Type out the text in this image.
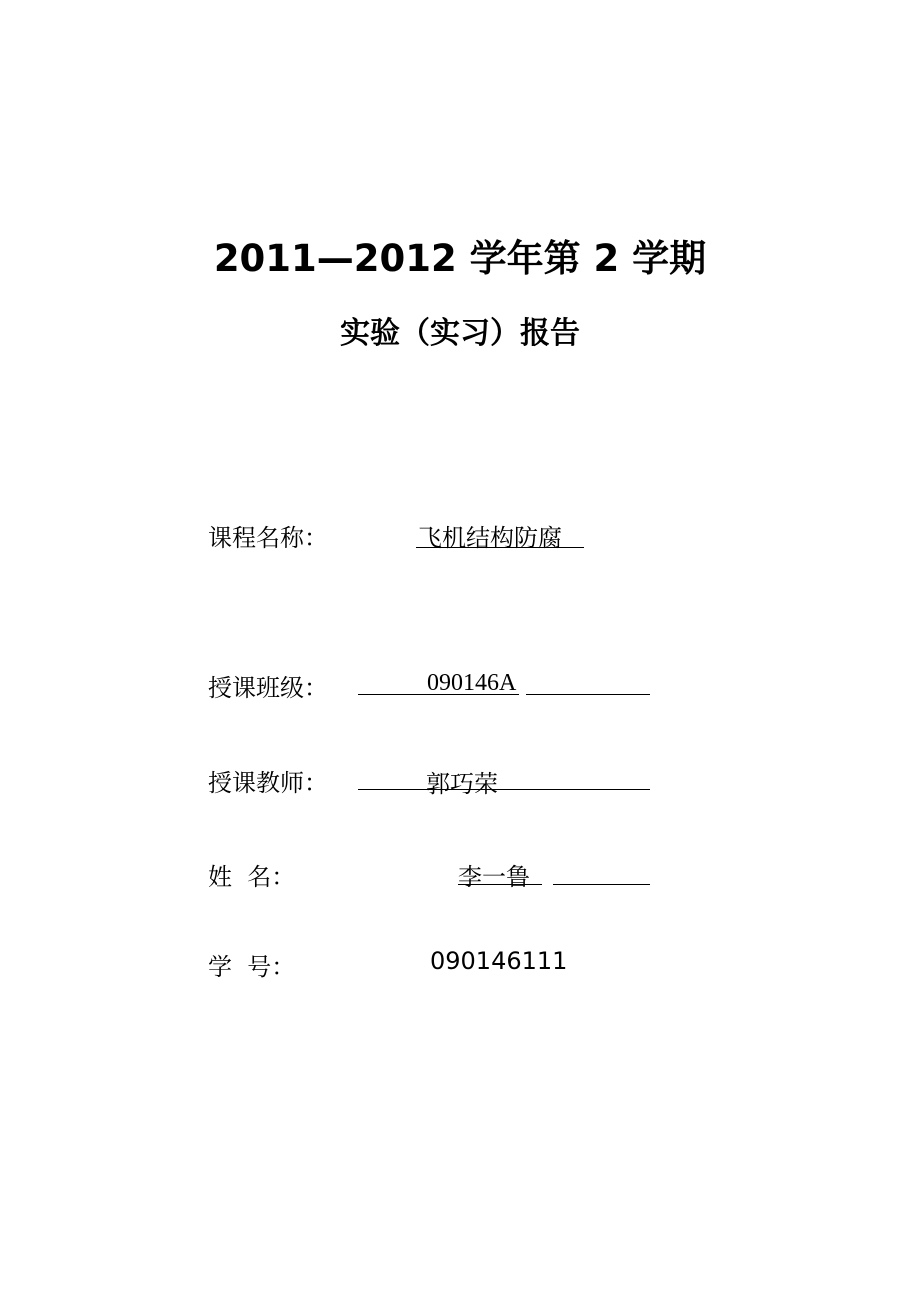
2011—2012 学年第 2 学期
实验（实习）报告
课程名称：	飞机结构防腐
授课班级：	090146A
授课教师：	郭巧荣
姓  名：	李一鲁
学  号：	090146111
